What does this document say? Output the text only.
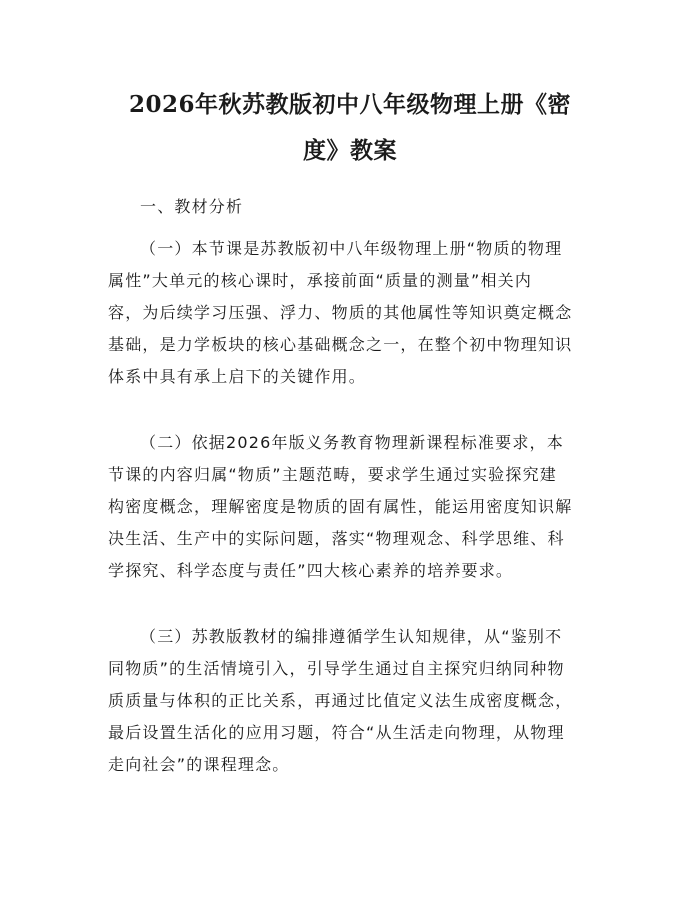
2026年秋苏教版初中八年级物理上册《密
度》教案

一、教材分析

（一）本节课是苏教版初中八年级物理上册“物质的物理
属性”大单元的核心课时，承接前面“质量的测量”相关内
容，为后续学习压强、浮力、物质的其他属性等知识奠定概念
基础，是力学板块的核心基础概念之一，在整个初中物理知识
体系中具有承上启下的关键作用。
（二）依据2026年版义务教育物理新课程标准要求，本
节课的内容归属“物质”主题范畴，要求学生通过实验探究建
构密度概念，理解密度是物质的固有属性，能运用密度知识解
决生活、生产中的实际问题，落实“物理观念、科学思维、科
学探究、科学态度与责任”四大核心素养的培养要求。
（三）苏教版教材的编排遵循学生认知规律，从“鉴别不
同物质”的生活情境引入，引导学生通过自主探究归纳同种物
质质量与体积的正比关系，再通过比值定义法生成密度概念，
最后设置生活化的应用习题，符合“从生活走向物理，从物理
走向社会”的课程理念。
